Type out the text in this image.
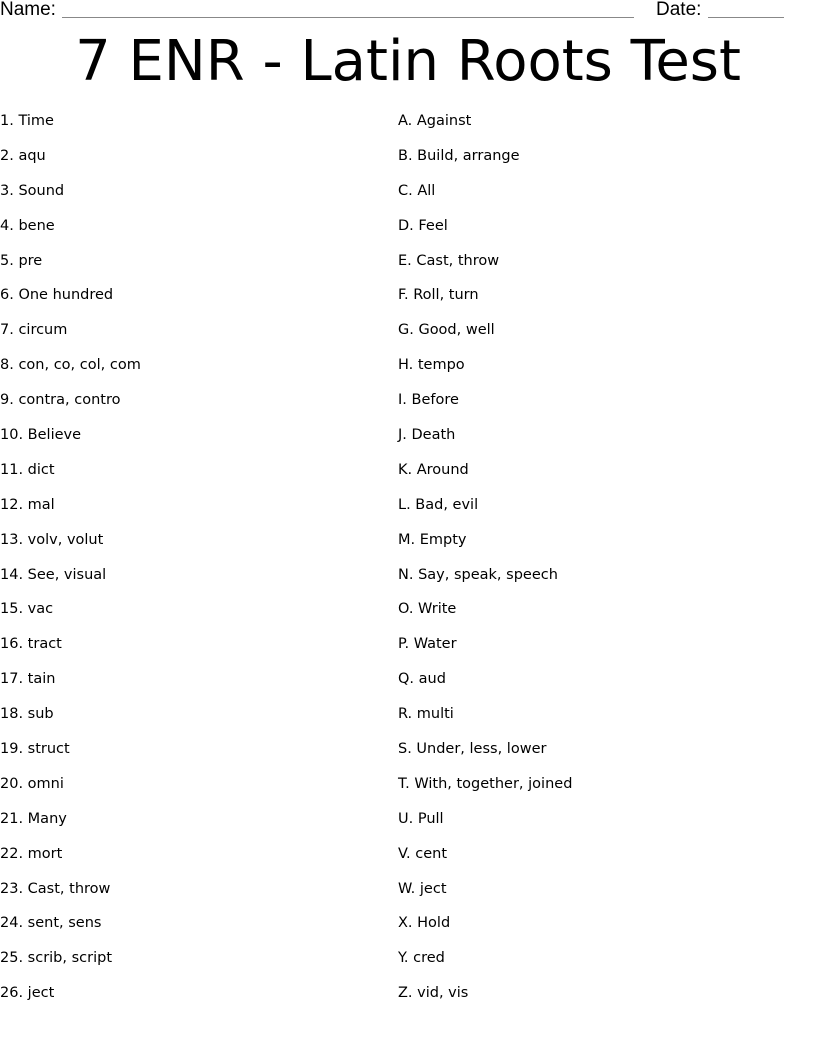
Name:	Date:
7 ENR - Latin Roots Test
1. Time
2. aqu
3. Sound
4. bene
5. pre
6. One hundred
7. circum
8. con, co, col, com
9. contra, contro
10. Believe
11. dict
12. mal
13. volv, volut
14. See, visual
15. vac
16. tract
17. tain
18. sub
19. struct
20. omni
21. Many
22. mort
23. Cast, throw
24. sent, sens
25. scrib, script
26. ject
A. Against
B. Build, arrange
C. All
D. Feel
E. Cast, throw
F. Roll, turn
G. Good, well
H. tempo
I. Before
J. Death
K. Around
L. Bad, evil
M. Empty
N. Say, speak, speech
O. Write
P. Water
Q. aud
R. multi
S. Under, less, lower
T. With, together, joined
U. Pull
V. cent
W. ject
X. Hold
Y. cred
Z. vid, vis
